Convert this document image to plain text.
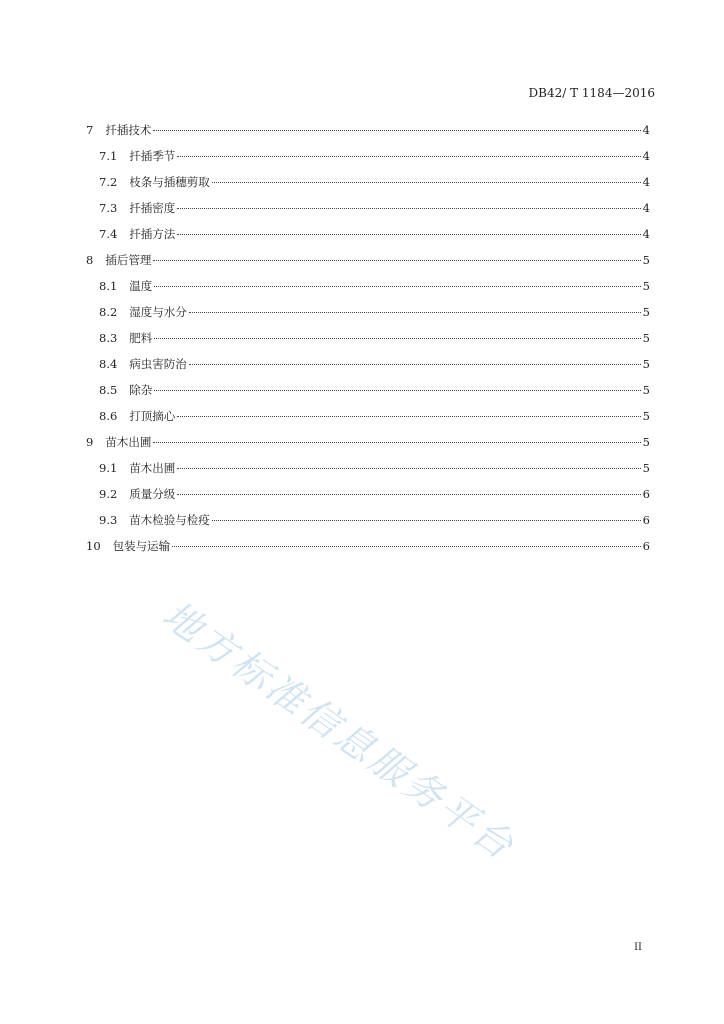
DB42/ T 1184—2016
7 扦插技术	4
7.1 扦插季节	4
7.2 枝条与插穗剪取	4
7.3 扦插密度	4
7.4 扦插方法	4
8 插后管理	5
8.1 温度	5
8.2 湿度与水分	5
8.3 肥料	5
8.4 病虫害防治	5
8.5 除杂	5
8.6 打顶摘心	5
9 苗木出圃	5
9.1 苗木出圃	5
9.2 质量分级	6
9.3 苗木检验与检疫	6
10 包装与运输	6
地方标准信息服务平台
II
